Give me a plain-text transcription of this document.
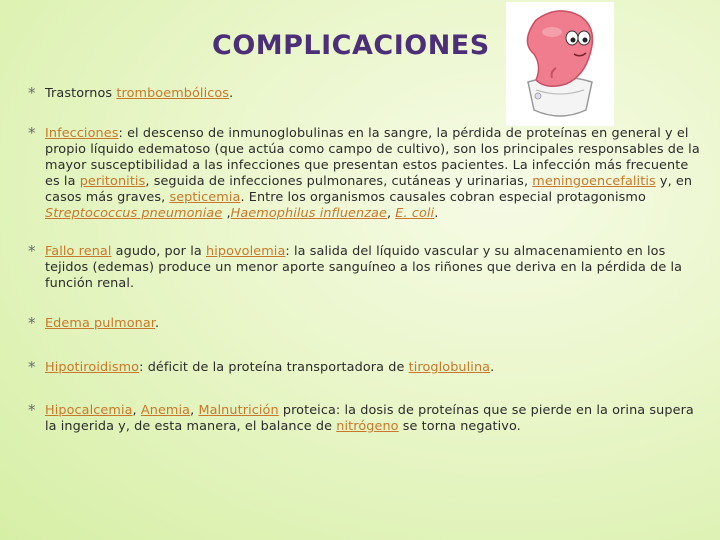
COMPLICACIONES

* Trastornos tromboembólicos.

* Infecciones: el descenso de inmunoglobulinas en la sangre, la pérdida de proteínas en general y el propio líquido edematoso (que actúa como campo de cultivo), son los principales responsables de la mayor susceptibilidad a las infecciones que presentan estos pacientes. La infección más frecuente es la peritonitis, seguida de infecciones pulmonares, cutáneas y urinarias, meningoencefalitis y, en casos más graves, septicemia. Entre los organismos causales cobran especial protagonismo Streptococcus pneumoniae ,Haemophilus influenzae, E. coli.

* Fallo renal agudo, por la hipovolemia: la salida del líquido vascular y su almacenamiento en los tejidos (edemas) produce un menor aporte sanguíneo a los riñones que deriva en la pérdida de la función renal.

* Edema pulmonar.

* Hipotiroidismo: déficit de la proteína transportadora de tiroglobulina.

* Hipocalcemia, Anemia, Malnutrición proteica: la dosis de proteínas que se pierde en la orina supera la ingerida y, de esta manera, el balance de nitrógeno se torna negativo.
